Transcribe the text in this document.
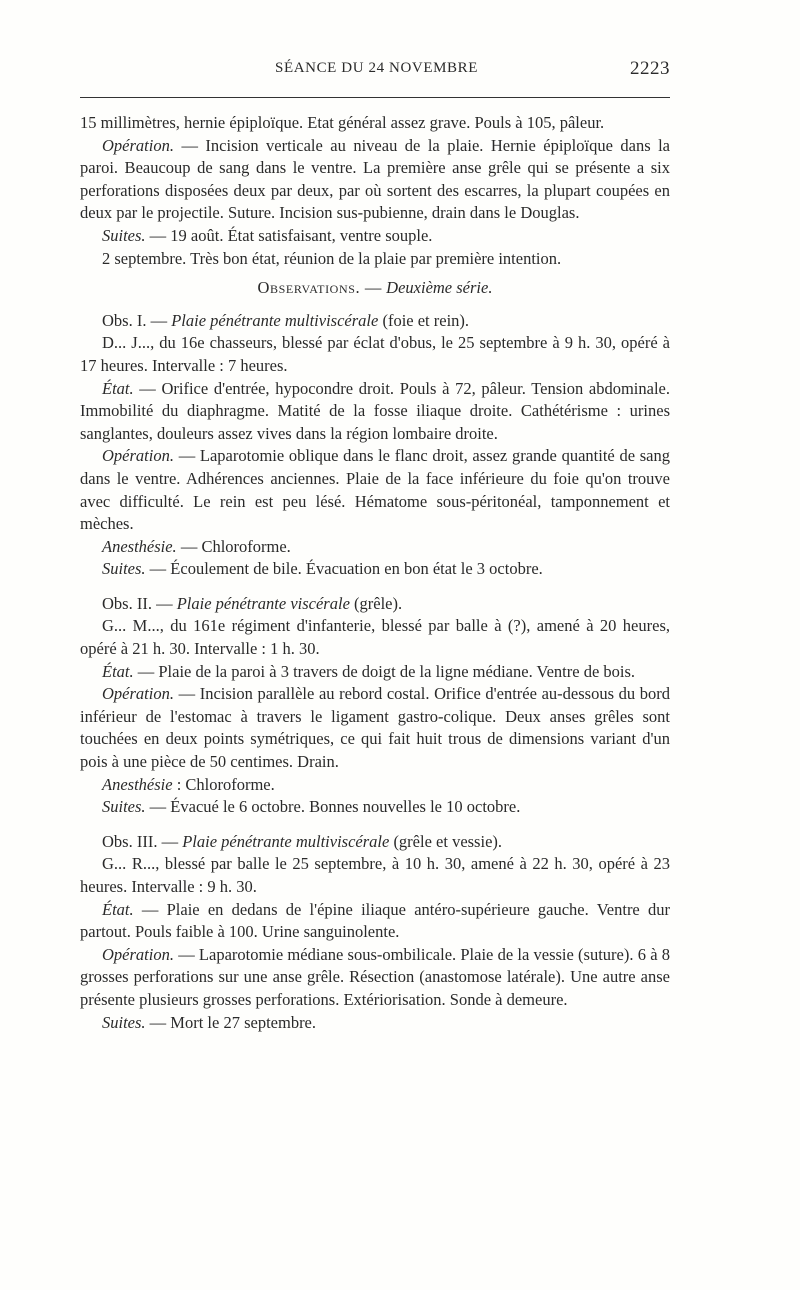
SÉANCE DU 24 NOVEMBRE	2223

15 millimètres, hernie épiploïque. Etat général assez grave. Pouls à 105, pâleur.

Opération. — Incision verticale au niveau de la plaie. Hernie épiploïque dans la paroi. Beaucoup de sang dans le ventre. La première anse grêle qui se présente a six perforations disposées deux par deux, par où sortent des escarres, la plupart coupées en deux par le projectile. Suture. Incision sus-pubienne, drain dans le Douglas.

Suites. — 19 août. État satisfaisant, ventre souple.

2 septembre. Très bon état, réunion de la plaie par première intention.

Observations. — Deuxième série.

Obs. I. — Plaie pénétrante multiviscérale (foie et rein).

D... J..., du 16e chasseurs, blessé par éclat d'obus, le 25 septembre à 9 h. 30, opéré à 17 heures. Intervalle : 7 heures.

État. — Orifice d'entrée, hypocondre droit. Pouls à 72, pâleur. Tension abdominale. Immobilité du diaphragme. Matité de la fosse iliaque droite. Cathétérisme : urines sanglantes, douleurs assez vives dans la région lombaire droite.

Opération. — Laparotomie oblique dans le flanc droit, assez grande quantité de sang dans le ventre. Adhérences anciennes. Plaie de la face inférieure du foie qu'on trouve avec difficulté. Le rein est peu lésé. Hématome sous-péritonéal, tamponnement et mèches.

Anesthésie. — Chloroforme.

Suites. — Écoulement de bile. Évacuation en bon état le 3 octobre.

Obs. II. — Plaie pénétrante viscérale (grêle).

G... M..., du 161e régiment d'infanterie, blessé par balle à (?), amené à 20 heures, opéré à 21 h. 30. Intervalle : 1 h. 30.

État. — Plaie de la paroi à 3 travers de doigt de la ligne médiane. Ventre de bois.

Opération. — Incision parallèle au rebord costal. Orifice d'entrée au-dessous du bord inférieur de l'estomac à travers le ligament gastro-colique. Deux anses grêles sont touchées en deux points symétriques, ce qui fait huit trous de dimensions variant d'un pois à une pièce de 50 centimes. Drain.

Anesthésie : Chloroforme.

Suites. — Évacué le 6 octobre. Bonnes nouvelles le 10 octobre.

Obs. III. — Plaie pénétrante multiviscérale (grêle et vessie).

G... R..., blessé par balle le 25 septembre, à 10 h. 30, amené à 22 h. 30, opéré à 23 heures. Intervalle : 9 h. 30.

État. — Plaie en dedans de l'épine iliaque antéro-supérieure gauche. Ventre dur partout. Pouls faible à 100. Urine sanguinolente.

Opération. — Laparotomie médiane sous-ombilicale. Plaie de la vessie (suture). 6 à 8 grosses perforations sur une anse grêle. Résection (anastomose latérale). Une autre anse présente plusieurs grosses perforations. Extériorisation. Sonde à demeure.

Suites. — Mort le 27 septembre.
